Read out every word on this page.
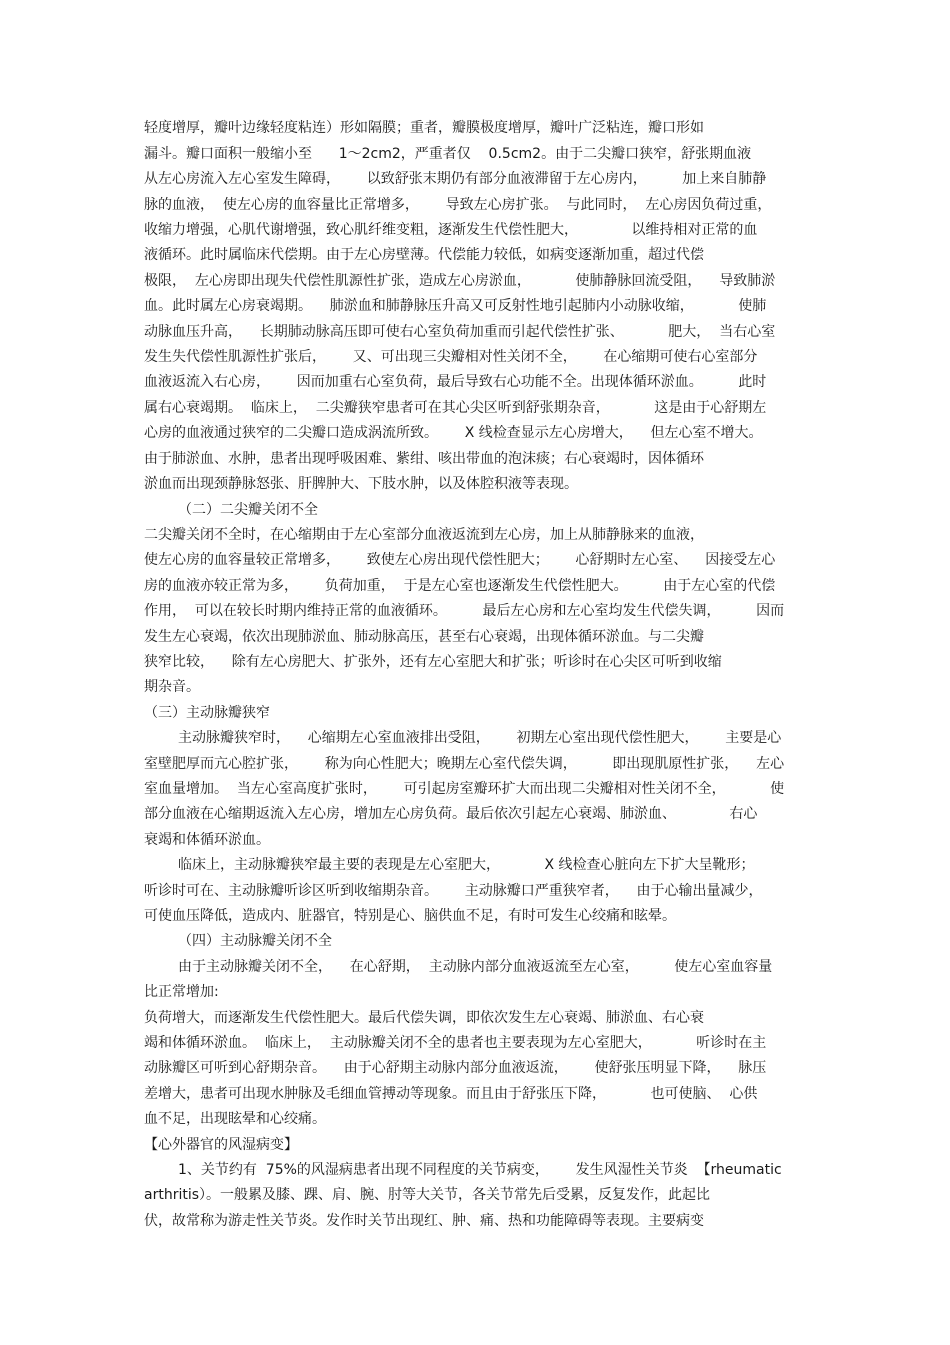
轻度增厚，瓣叶边缘轻度粘连）形如隔膜；重者，瓣膜极度增厚，瓣叶广泛粘连，瓣口形如
漏斗。瓣口面积一般缩小至      1～2cm2，严重者仅    0.5cm2。由于二尖瓣口狭窄，舒张期血液
从左心房流入左心室发生障碍，      以致舒张末期仍有部分血液滞留于左心房内，        加上来自肺静
脉的血液，  使左心房的血容量比正常增多，      导致左心房扩张。  与此同时，  左心房因负荷过重，
收缩力增强，心肌代谢增强，致心肌纤维变粗，逐渐发生代偿性肥大，            以维持相对正常的血
液循环。此时属临床代偿期。由于左心房壁薄。代偿能力较低，如病变逐渐加重，超过代偿
极限，  左心房即出现失代偿性肌源性扩张，造成左心房淤血，          使肺静脉回流受阻，    导致肺淤
血。此时属左心房衰竭期。    肺淤血和肺静脉压升高又可反射性地引起肺内小动脉收缩，          使肺
动脉血压升高，    长期肺动脉高压即可使右心室负荷加重而引起代偿性扩张、          肥大，  当右心室
发生失代偿性肌源性扩张后，      又、可出现三尖瓣相对性关闭不全，      在心缩期可使右心室部分
血液返流入右心房，      因而加重右心室负荷，最后导致右心功能不全。出现体循环淤血。        此时
属右心衰竭期。  临床上，  二尖瓣狭窄患者可在其心尖区听到舒张期杂音，          这是由于心舒期左
心房的血液通过狭窄的二尖瓣口造成涡流所致。      X 线检查显示左心房增大，    但左心室不增大。
由于肺淤血、水肿，患者出现呼吸困难、紫绀、咳出带血的泡沫痰；右心衰竭时，因体循环
淤血而出现颈静脉怒张、肝脾肿大、下肢水肿，以及体腔积液等表现。
（二）二尖瓣关闭不全
二尖瓣关闭不全时，在心缩期由于左心室部分血液返流到左心房，加上从肺静脉来的血液，
使左心房的血容量较正常增多，      致使左心房出现代偿性肥大；      心舒期时左心室、    因接受左心
房的血液亦较正常为多，      负荷加重，  于是左心室也逐渐发生代偿性肥大。        由于左心室的代偿
作用，  可以在较长时期内维持正常的血液循环。        最后左心房和左心室均发生代偿失调，        因而
发生左心衰竭，依次出现肺淤血、肺动脉高压，甚至右心衰竭，出现体循环淤血。与二尖瓣
狭窄比较，    除有左心房肥大、扩张外，还有左心室肥大和扩张；听诊时在心尖区可听到收缩
期杂音。
（三）主动脉瓣狭窄
主动脉瓣狭窄时，    心缩期左心室血液排出受阻，      初期左心室出现代偿性肥大，      主要是心
室壁肥厚而亢心腔扩张，      称为向心性肥大；晚期左心室代偿失调，        即出现肌原性扩张，    左心
室血量增加。  当左心室高度扩张时，      可引起房室瓣环扩大而出现二尖瓣相对性关闭不全，          使
部分血液在心缩期返流入左心房，增加左心房负荷。最后依次引起左心衰竭、肺淤血、            右心
衰竭和体循环淤血。
临床上，主动脉瓣狭窄最主要的表现是左心室肥大，          X 线检查心脏向左下扩大呈靴形；
听诊时可在、主动脉瓣听诊区听到收缩期杂音。      主动脉瓣口严重狭窄者，    由于心输出量减少，
可使血压降低，造成内、脏器官，特别是心、脑供血不足，有时可发生心绞痛和眩晕。
（四）主动脉瓣关闭不全
由于主动脉瓣关闭不全，    在心舒期，  主动脉内部分血液返流至左心室，        使左心室血容量
比正常增加:
负荷增大，而逐渐发生代偿性肥大。最后代偿失调，即依次发生左心衰竭、肺淤血、右心衰
竭和体循环淤血。  临床上，  主动脉瓣关闭不全的患者也主要表现为左心室肥大，          听诊时在主
动脉瓣区可听到心舒期杂音。    由于心舒期主动脉内部分血液返流，      使舒张压明显下降，    脉压
差增大，患者可出现水肿脉及毛细血管搏动等现象。而且由于舒张压下降，          也可使脑、  心供
血不足，出现眩晕和心绞痛。
【心外器官的风湿病变】
1、关节约有  75%的风湿病患者出现不同程度的关节病变，      发生风湿性关节炎  【rheumatic
arthritis）。一般累及膝、踝、肩、腕、肘等大关节，各关节常先后受累，反复发作，此起比
伏，故常称为游走性关节炎。发作时关节出现红、肿、痛、热和功能障碍等表现。主要病变
